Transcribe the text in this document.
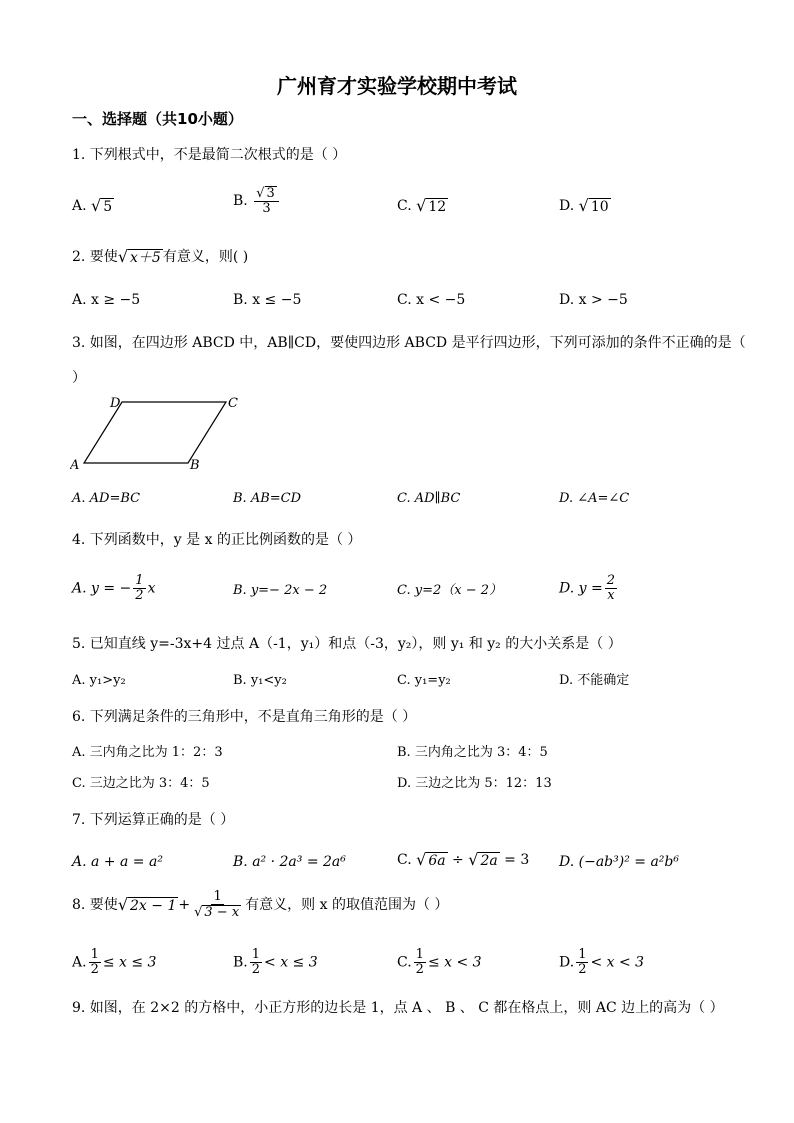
广州育才实验学校期中考试
一、选择题（共10小题）
1. 下列根式中，不是最简二次根式的是（ ）
A. √ 5	B. $\frac{√ 3}{3}$	C. √ 12	D. √ 10
2. 要使 √ x＋5 有意义，则( )
A. x ≥ −5	B. x ≤ −5	C. x < −5	D. x > −5
3. 如图，在四边形 ABCD 中，AB∥CD，要使四边形 ABCD 是平行四边形，下列可添加的条件不正确的是（
）
A	B
C
D
A. AD=BC	B. AB=CD	C. AD∥BC	D. ∠A=∠C
4. 下列函数中，y 是 x 的正比例函数的是（ ）
A. y = − $\frac{1}{2}$ x	B. y=− 2x − 2	C. y=2（x − 2）	D. $y = \frac{2}{x}$
5. 已知直线 y=-3x+4 过点 A（-1，y₁）和点（-3，y₂），则 y₁ 和 y₂ 的大小关系是（ ）
A. y₁>y₂	B. y₁<y₂	C. y₁=y₂	D. 不能确定
6. 下列满足条件的三角形中，不是直角三角形的是（ ）
A. 三内角之比为 1：2：3	B. 三内角之比为 3：4：5
C. 三边之比为 3：4：5	D. 三边之比为 5：12：13
7. 下列运算正确的是（ ）
A. a + a = a²	B. a² · 2a³ = 2a⁶	C. √ 6a ÷ √ 2a = 3 D. (−ab³)² = a²b⁶
8. 要使 √ $2x - 1 + \frac{1}{√ 3 - x}$ 有意义，则 x 的取值范围为（ ）
A. $\frac{1}{2} \le x \le 3$	B. $\frac{1}{2} < x \le 3$	C. $\frac{1}{2} \le x < 3$	D. $\frac{1}{2} < x < 3$
9. 如图，在 2×2 的方格中，小正方形的边长是 1，点 A 、 B 、 C 都在格点上，则 AC 边上的高为（ ）
